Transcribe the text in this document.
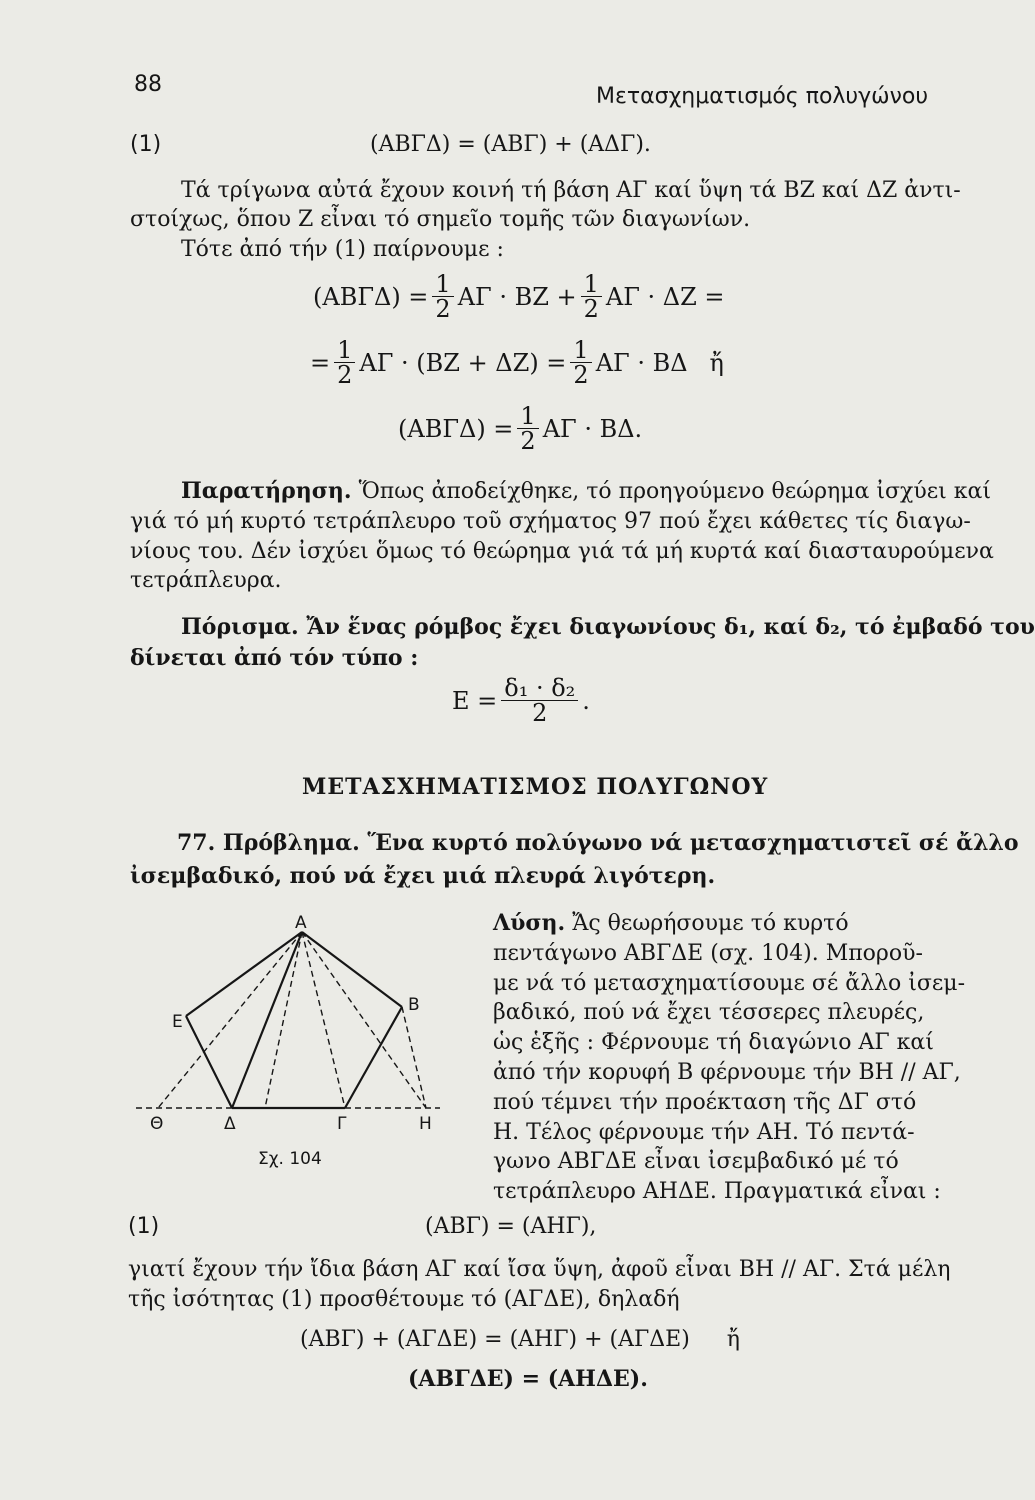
88	Μετασχηματισμός πολυγώνου
(1)	(ΑΒΓΔ) = (ΑΒΓ) + (ΑΔΓ).
Τά τρίγωνα αὐτά ἔχουν κοινή τή βάση ΑΓ καί ὕψη τά ΒΖ καί ΔΖ ἀντι-
στοίχως, ὅπου Ζ εἶναι τό σημεῖο τομῆς τῶν διαγωνίων.
Τότε ἀπό τήν (1) παίρνουμε :
$(AB\Gamma\Delta) = \frac{1}{2}$ $A\Gamma \cdot BZ + \frac{1}{2}$ ΑΓ · ΔΖ =
= $\frac{1}{2}$ $A\Gamma \cdot (BZ + \Delta Z) = \frac{1}{2}$ ΑΓ · ΒΔ ἤ
$(AB\Gamma\Delta) = \frac{1}{2}$ ΑΓ · ΒΔ.
Παρατήρηση. Ὅπως ἀποδείχθηκε, τό προηγούμενο θεώρημα ἰσχύει καί
γιά τό μή κυρτό τετράπλευρο τοῦ σχήματος 97 πού ἔχει κάθετες τίς διαγω-
νίους του. Δέν ἰσχύει ὅμως τό θεώρημα γιά τά μή κυρτά καί διασταυρούμενα
τετράπλευρα.
Πόρισμα. Ἄν ἕνας ρόμβος ἔχει διαγωνίους δ₁, καί δ₂, τό ἐμβαδό του
δίνεται ἀπό τόν τύπο :
$E = \frac{\text{δ₁ · δ₂}}{2}$ .
ΜΕΤΑΣΧΗΜΑΤΙΣΜΟΣ ΠΟΛΥΓΩΝΟΥ
77. Πρόβλημα. Ἕνα κυρτό πολύγωνο νά μετασχηματιστεῖ σέ ἄλλο
ἰσεμβαδικό, πού νά ἔχει μιά πλευρά λιγότερη.
Α
Β
Ε
Θ	Δ	Γ	Η
Σχ. 104
Λύση. Ἄς θεωρήσουμε τό κυρτό
πεντάγωνο ΑΒΓΔΕ (σχ. 104). Μποροῦ-
με νά τό μετασχηματίσουμε σέ ἄλλο ἰσεμ-
βαδικό, πού νά ἔχει τέσσερες πλευρές,
ὡς ἑξῆς : Φέρνουμε τή διαγώνιο ΑΓ καί
ἀπό τήν κορυφή Β φέρνουμε τήν ΒΗ // ΑΓ,
πού τέμνει τήν προέκταση τῆς ΔΓ στό
Η. Τέλος φέρνουμε τήν ΑΗ. Τό πεντά-
γωνο ΑΒΓΔΕ εἶναι ἰσεμβαδικό μέ τό
τετράπλευρο ΑΗΔΕ. Πραγματικά εἶναι :
(1)	(ΑΒΓ) = (ΑΗΓ),
γιατί ἔχουν τήν ἴδια βάση ΑΓ καί ἴσα ὕψη, ἀφοῦ εἶναι ΒΗ // ΑΓ. Στά μέλη
τῆς ἰσότητας (1) προσθέτουμε τό (ΑΓΔΕ), δηλαδή
(ΑΒΓ) + (ΑΓΔΕ) = (ΑΗΓ) + (ΑΓΔΕ) ἤ
(ΑΒΓΔΕ) = (ΑΗΔΕ).
